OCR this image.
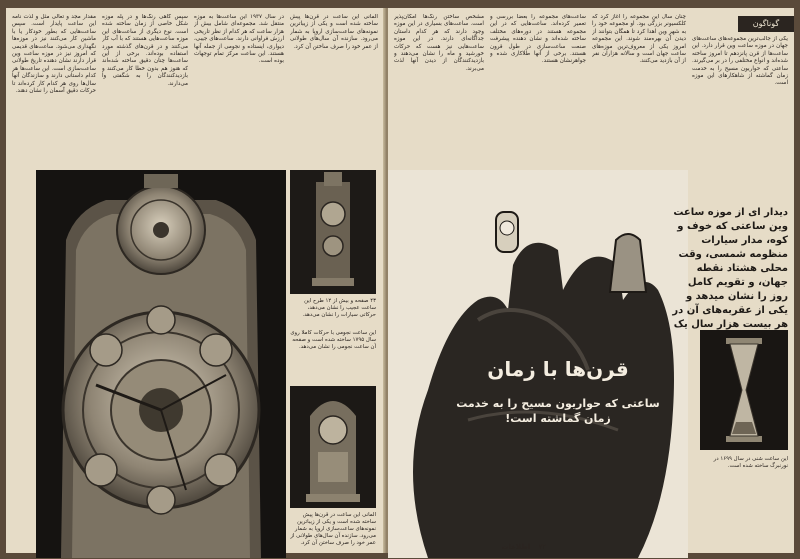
مقدار مجد و تعالی مثل و لذت نامه این ساعت پایدار است. سپس ساعت‌هایی که بطور خودکار یا با ماشین کار می‌کنند نیز در موزه‌ها نگهداری می‌شود. ساعت‌های قدیمی که امروز نیز در موزه ساعت وین قرار دارند نشان دهنده تاریخ طولانی ساعت‌سازی است. این ساعت‌ها هر کدام داستانی دارند و سازندگان آنها سال‌ها روی هر کدام کار کرده‌اند تا حرکات دقیق آسمان را نشان دهند.

سپس گاهی رنگ‌ها و در پله موزه شکل خاصی از زمان ساخته شده است. نوع دیگری از ساعت‌های این موزه ساعت‌هایی هستند که با آب کار می‌کنند و در قرن‌های گذشته مورد استفاده بوده‌اند. برخی از این ساعت‌ها چنان دقیق ساخته شده‌اند که هنوز هم بدون خطا کار می‌کنند و بازدیدکنندگان را به شگفتی وا می‌دارند.

در سال ۱۹۳۷ این ساعت‌ها به موزه منتقل شد. مجموعه‌ای شامل بیش از هزار ساعت که هر کدام از نظر تاریخی ارزش فراوانی دارند. ساعت‌های جیبی، دیواری، ایستاده و نجومی از جمله آنها هستند. این ساعت مرکز تمام توجهات بوده است.

آلمانی این ساعت در قرن‌ها پیش ساخته شده است و یکی از زیباترین نمونه‌های ساعت‌سازی اروپا به شمار می‌رود. سازنده آن سال‌های طولانی از عمر خود را صرف ساختن آن کرد.

۴۳ صفحه و بیش از ۱۲ طرح این ساعت عجیب را نشان می‌دهد، حرکاتی سیارات را نشان می‌دهد.
این ساعت نجومی با حرکات کاملا روی سال ۱۷۹۵ ساخته شده است و صفحه آن ساعت نجومی را نشان می‌دهد.
آلمانی این ساعت در قرن‌ها پیش ساخته شده است و یکی از زیباترین نمونه‌های ساعت‌سازی اروپا به شمار می‌رود. سازنده آن سال‌های طولانی از عمر خود را صرف ساختن آن کرد.
گوناگون

مشخص ساختن رنگ‌ها امکان‌پذیر است. ساعت‌های بسیاری در این موزه وجود دارند که هر کدام داستان جداگانه‌ای دارند. در این موزه ساعت‌هایی نیز هست که حرکات خورشید و ماه را نشان می‌دهند و بازدیدکنندگان از دیدن آنها لذت می‌برند.

ساعت‌های مجموعه را بعضاً بررسی و تعمیر کرده‌اند. ساعت‌هایی که در این مجموعه هستند در دوره‌های مختلف ساخته شده‌اند و نشان دهنده پیشرفت صنعت ساعت‌سازی در طول قرون هستند. برخی از آنها طلاکاری شده و جواهرنشان هستند.

چنان سال این مجموعه را آغاز کرد که کلکسیونر بزرگی بود. او مجموعه خود را به شهر وین اهدا کرد تا همگان بتوانند از دیدن آن بهره‌مند شوند. این مجموعه امروز یکی از معروف‌ترین موزه‌های ساعت جهان است و سالانه هزاران نفر از آن بازدید می‌کنند.

یکی از جالب‌ترین مجموعه‌های ساعت‌های جهان در موزه ساعت وین قرار دارد. این ساعت‌ها از قرن پانزدهم تا امروز ساخته شده‌اند و انواع مختلفی را در بر می‌گیرند. ساعتی که حواریون مسیح را به خدمت زمان گماشته از شاهکارهای این موزه است.

قرن‌ها با زمان
ساعتی که حواریون مسیح را به خدمت زمان گماشته است!
دیدار ای از موزه ساعت وین ساعتی که خوف و کوه، مدار سیارات منظومه شمسی، وقت محلی هشتاد نقطه جهان، و تقویم کامل روز را نشان میدهد و یکی از عقربه‌های آن در هر بیست هزار سال یک
این ساعت شنی در سال ۱۶۹۹ در نورنبرگ ساخته شده است.
۷۲ اطلاعات
